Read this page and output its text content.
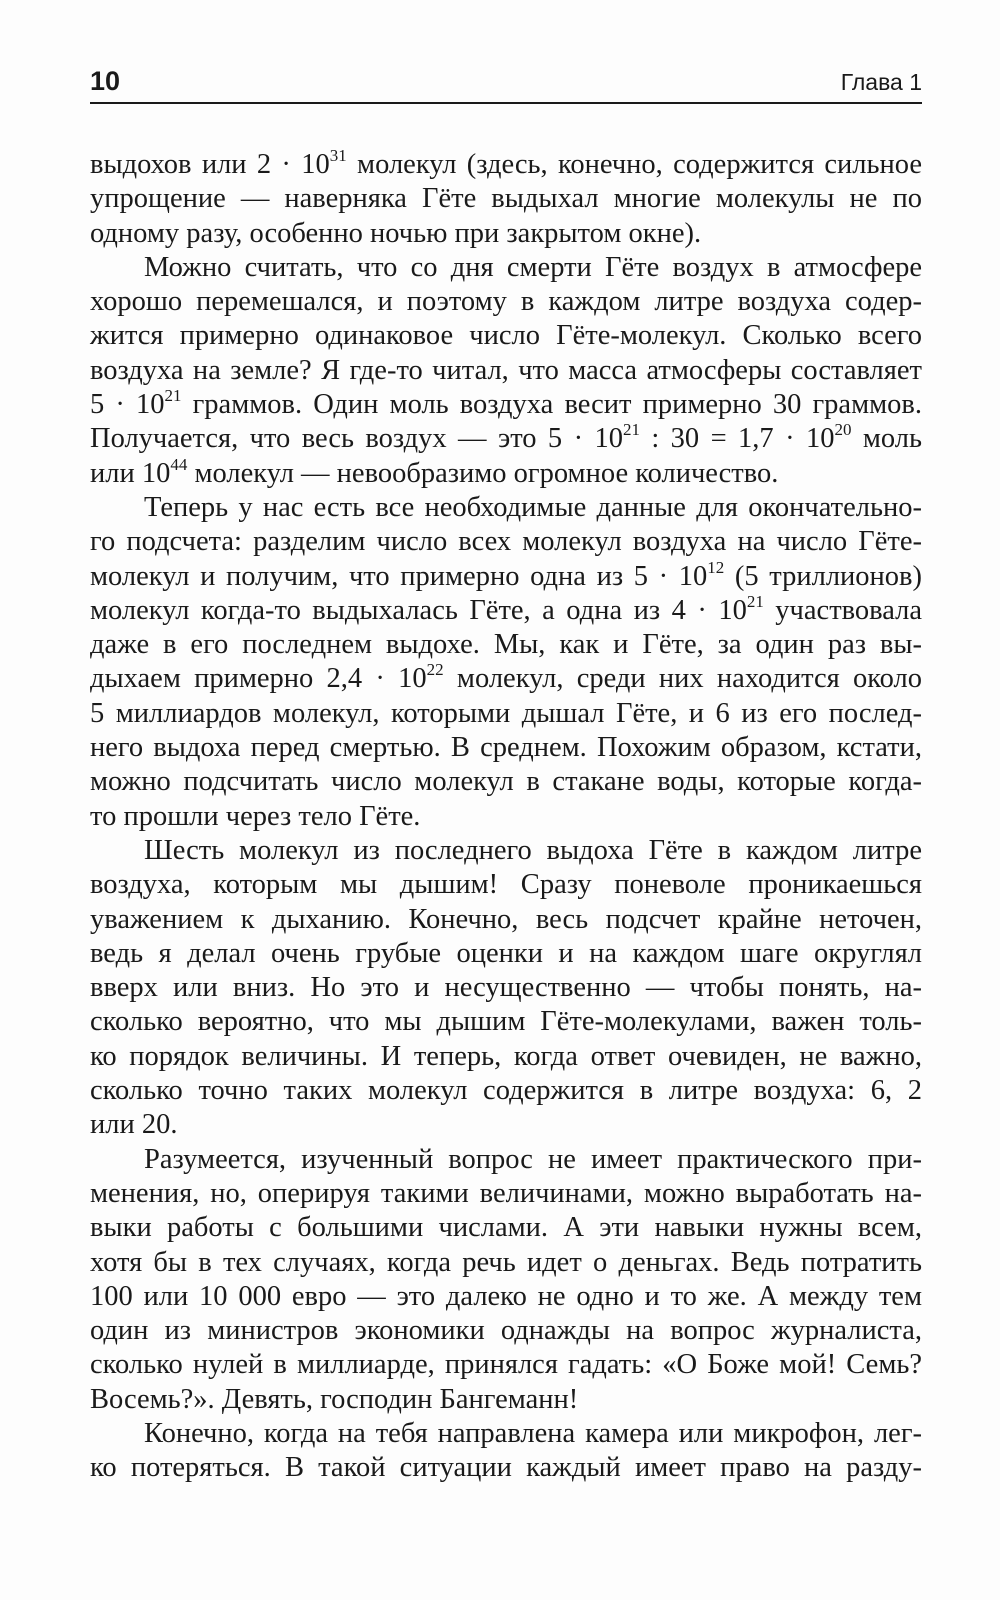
10	Глава 1
выдохов или $2 \cdot 10^{31}$ молекул (здесь, конечно, содержится сильное
упрощение — наверняка Гёте выдыхал многие молекулы не по
одному разу, особенно ночью при закрытом окне).
Можно считать, что со дня смерти Гёте воздух в атмосфере
хорошо перемешался, и поэтому в каждом литре воздуха содер-
жится примерно одинаковое число Гёте-молекул. Сколько всего
воздуха на земле? Я где-то читал, что масса атмосферы составляет
$5 \cdot 10^{21}$ граммов. Один моль воздуха весит примерно 30 граммов.
Получается, что весь воздух — это $5 \cdot 10^{21}$ : $30 = 1,7 \cdot 10^{20}$ моль
или $10^{44}$ молекул — невообразимо огромное количество.
Теперь у нас есть все необходимые данные для окончательно-
го подсчета: разделим число всех молекул воздуха на число Гёте-
молекул и получим, что примерно одна из $5 \cdot 10^{12}$ (5 триллионов)
молекул когда-то выдыхалась Гёте, а одна из $4 \cdot 10^{21}$ участвовала
даже в его последнем выдохе. Мы, как и Гёте, за один раз вы-
дыхаем примерно $2,4 \cdot 10^{22}$ молекул, среди них находится около
5 миллиардов молекул, которыми дышал Гёте, и 6 из его послед-
него выдоха перед смертью. В среднем. Похожим образом, кстати,
можно подсчитать число молекул в стакане воды, которые когда-
то прошли через тело Гёте.
Шесть молекул из последнего выдоха Гёте в каждом литре
воздуха, которым мы дышим! Сразу поневоле проникаешься
уважением к дыханию. Конечно, весь подсчет крайне неточен,
ведь я делал очень грубые оценки и на каждом шаге округлял
вверх или вниз. Но это и несущественно — чтобы понять, на-
сколько вероятно, что мы дышим Гёте-молекулами, важен толь-
ко порядок величины. И теперь, когда ответ очевиден, не важно,
сколько точно таких молекул содержится в литре воздуха: 6, 2
или 20.
Разумеется, изученный вопрос не имеет практического при-
менения, но, оперируя такими величинами, можно выработать на-
выки работы с большими числами. А эти навыки нужны всем,
хотя бы в тех случаях, когда речь идет о деньгах. Ведь потратить
100 или 10 000 евро — это далеко не одно и то же. А между тем
один из министров экономики однажды на вопрос журналиста,
сколько нулей в миллиарде, принялся гадать: «О Боже мой! Семь?
Восемь?». Девять, господин Бангеманн!
Конечно, когда на тебя направлена камера или микрофон, лег-
ко потеряться. В такой ситуации каждый имеет право на разду-
